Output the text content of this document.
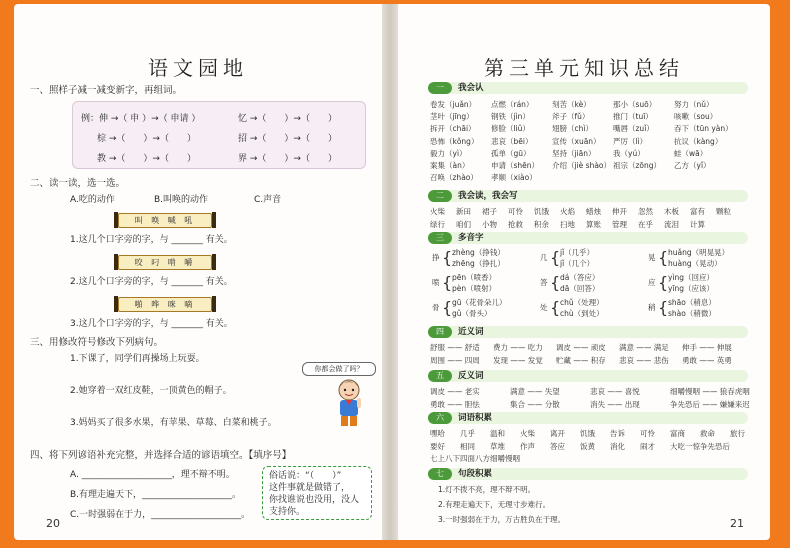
语文园地
一、照样子减一减变新字，再组词。
例：伸 →（ 申 ）→（ 申请 ）	忆 →（　　）→（　　）
棕 →（　　）→（　　）	招 →（　　）→（　　）
教 →（　　）→（　　）	界 →（　　）→（　　）
二、读一读，选一选。
A.吃的动作	B.叫唤的动作	C.声音
叫 唤 喊 吼
1.这几个口字旁的字，与 _______ 有关。
咬 叼 啃 嚼
2.这几个口字旁的字，与 _______ 有关。
啪 哗 咪 嘀
3.这几个口字旁的字，与 _______ 有关。
三、用修改符号修改下列病句。
1.下课了，同学们再操场上玩耍。
2.她穿着一双红皮鞋，一顶黄色的帽子。
3.妈妈买了很多水果，有苹果、草莓、白菜和桃子。
你都会做了吗？
四、将下列谚语补充完整，并选择合适的谚语填空。【填序号】
A. ____________________，理不辩不明。
B.有理走遍天下，____________________。
C.一时强弱在于力，____________________。
俗话说：“（　　）”
这件事就是做错了，
你找谁说也没用，没人
支持你。
20
第三单元知识总结
一	我会认
卷发（juǎn） 点燃（rán） 刻苦（kè）	那小（suō） 努力（nǔ）
茎叶（jīng） 钢铁（jìn）	斧子（fǔ）	推门（tuī）	咳嗽（sou）
拆开（chāi） 修脸（liǔ）	翅膀（chì）	嘴唇（zuǐ）	吞下（tūn yàn）
恐怖（kǒng） 悲哀（bēi）	宣传（xuān） 严厉（lì）	抗议（kàng）
毅力（yì）	孤单（gū）	坚持（jiān） 我（yú）	蛙（wā）
案集（àn）	申请（shēn） 介绍（jiè shào） 祖宗（zōng） 乙方（yǐ）
召唤（zhào） 孝顺（xiào）
二	我会读，我会写
火柴 新田 裙子 可怜 饥饿 火焰 蜡烛 伸开 忽然 木板 富有 颗粒
绿行 咱们 小物 抢救 积余 扫地 算账 管理 在乎 流泪 计算
三	多音字
挣 { zhèng（挣钱）
zhēng（挣扎）
几 { jǐ（几乎）
jǐ（几个）
晃 { huǎng（明晃晃）
huàng（晃动）
喷 { pēn（喷香）
pèn（喷射）
答 { dá（答应）
dā（回答）
应 { yìng（回应）
yīng（应该）
骨 { gū（花骨朵儿）
gǔ（骨头）
处 { chǔ（处理）
chù（到处）
稍 { shāo（稍息）
shào（稍微）
四	近义词
舒服 —— 舒适 费力 —— 吃力 调皮 —— 顽皮 满意 —— 满足 伸手 —— 伸展
周围 —— 四周 发现 —— 发觉 贮藏 —— 积存 悲哀 —— 悲伤 勇敢 —— 英勇
五	反义词
调皮 —— 老实	满意 —— 失望	悲哀 —— 喜悦	细嚼慢咽 —— 狼吞虎咽
勇敢 —— 胆怯	集合 —— 分散	消失 —— 出现	争先恐后 —— 嫌嫌来迟
六	词语积累
嘿哈 几乎 温和 火柴 离开 饥饿 告诉 可怜 富商 救命 旅行
要好 相同 草堆 作声 答应 饭黄 消化 闹才 大吃一惊 争先恐后
七上八下 四面八方 细嚼慢咽
七	句段积累
1.灯不拨不亮，理不辩不明。
2.有理走遍天下，无理寸步难行。
3.一时强弱在于力，万古胜负在于理。	21
